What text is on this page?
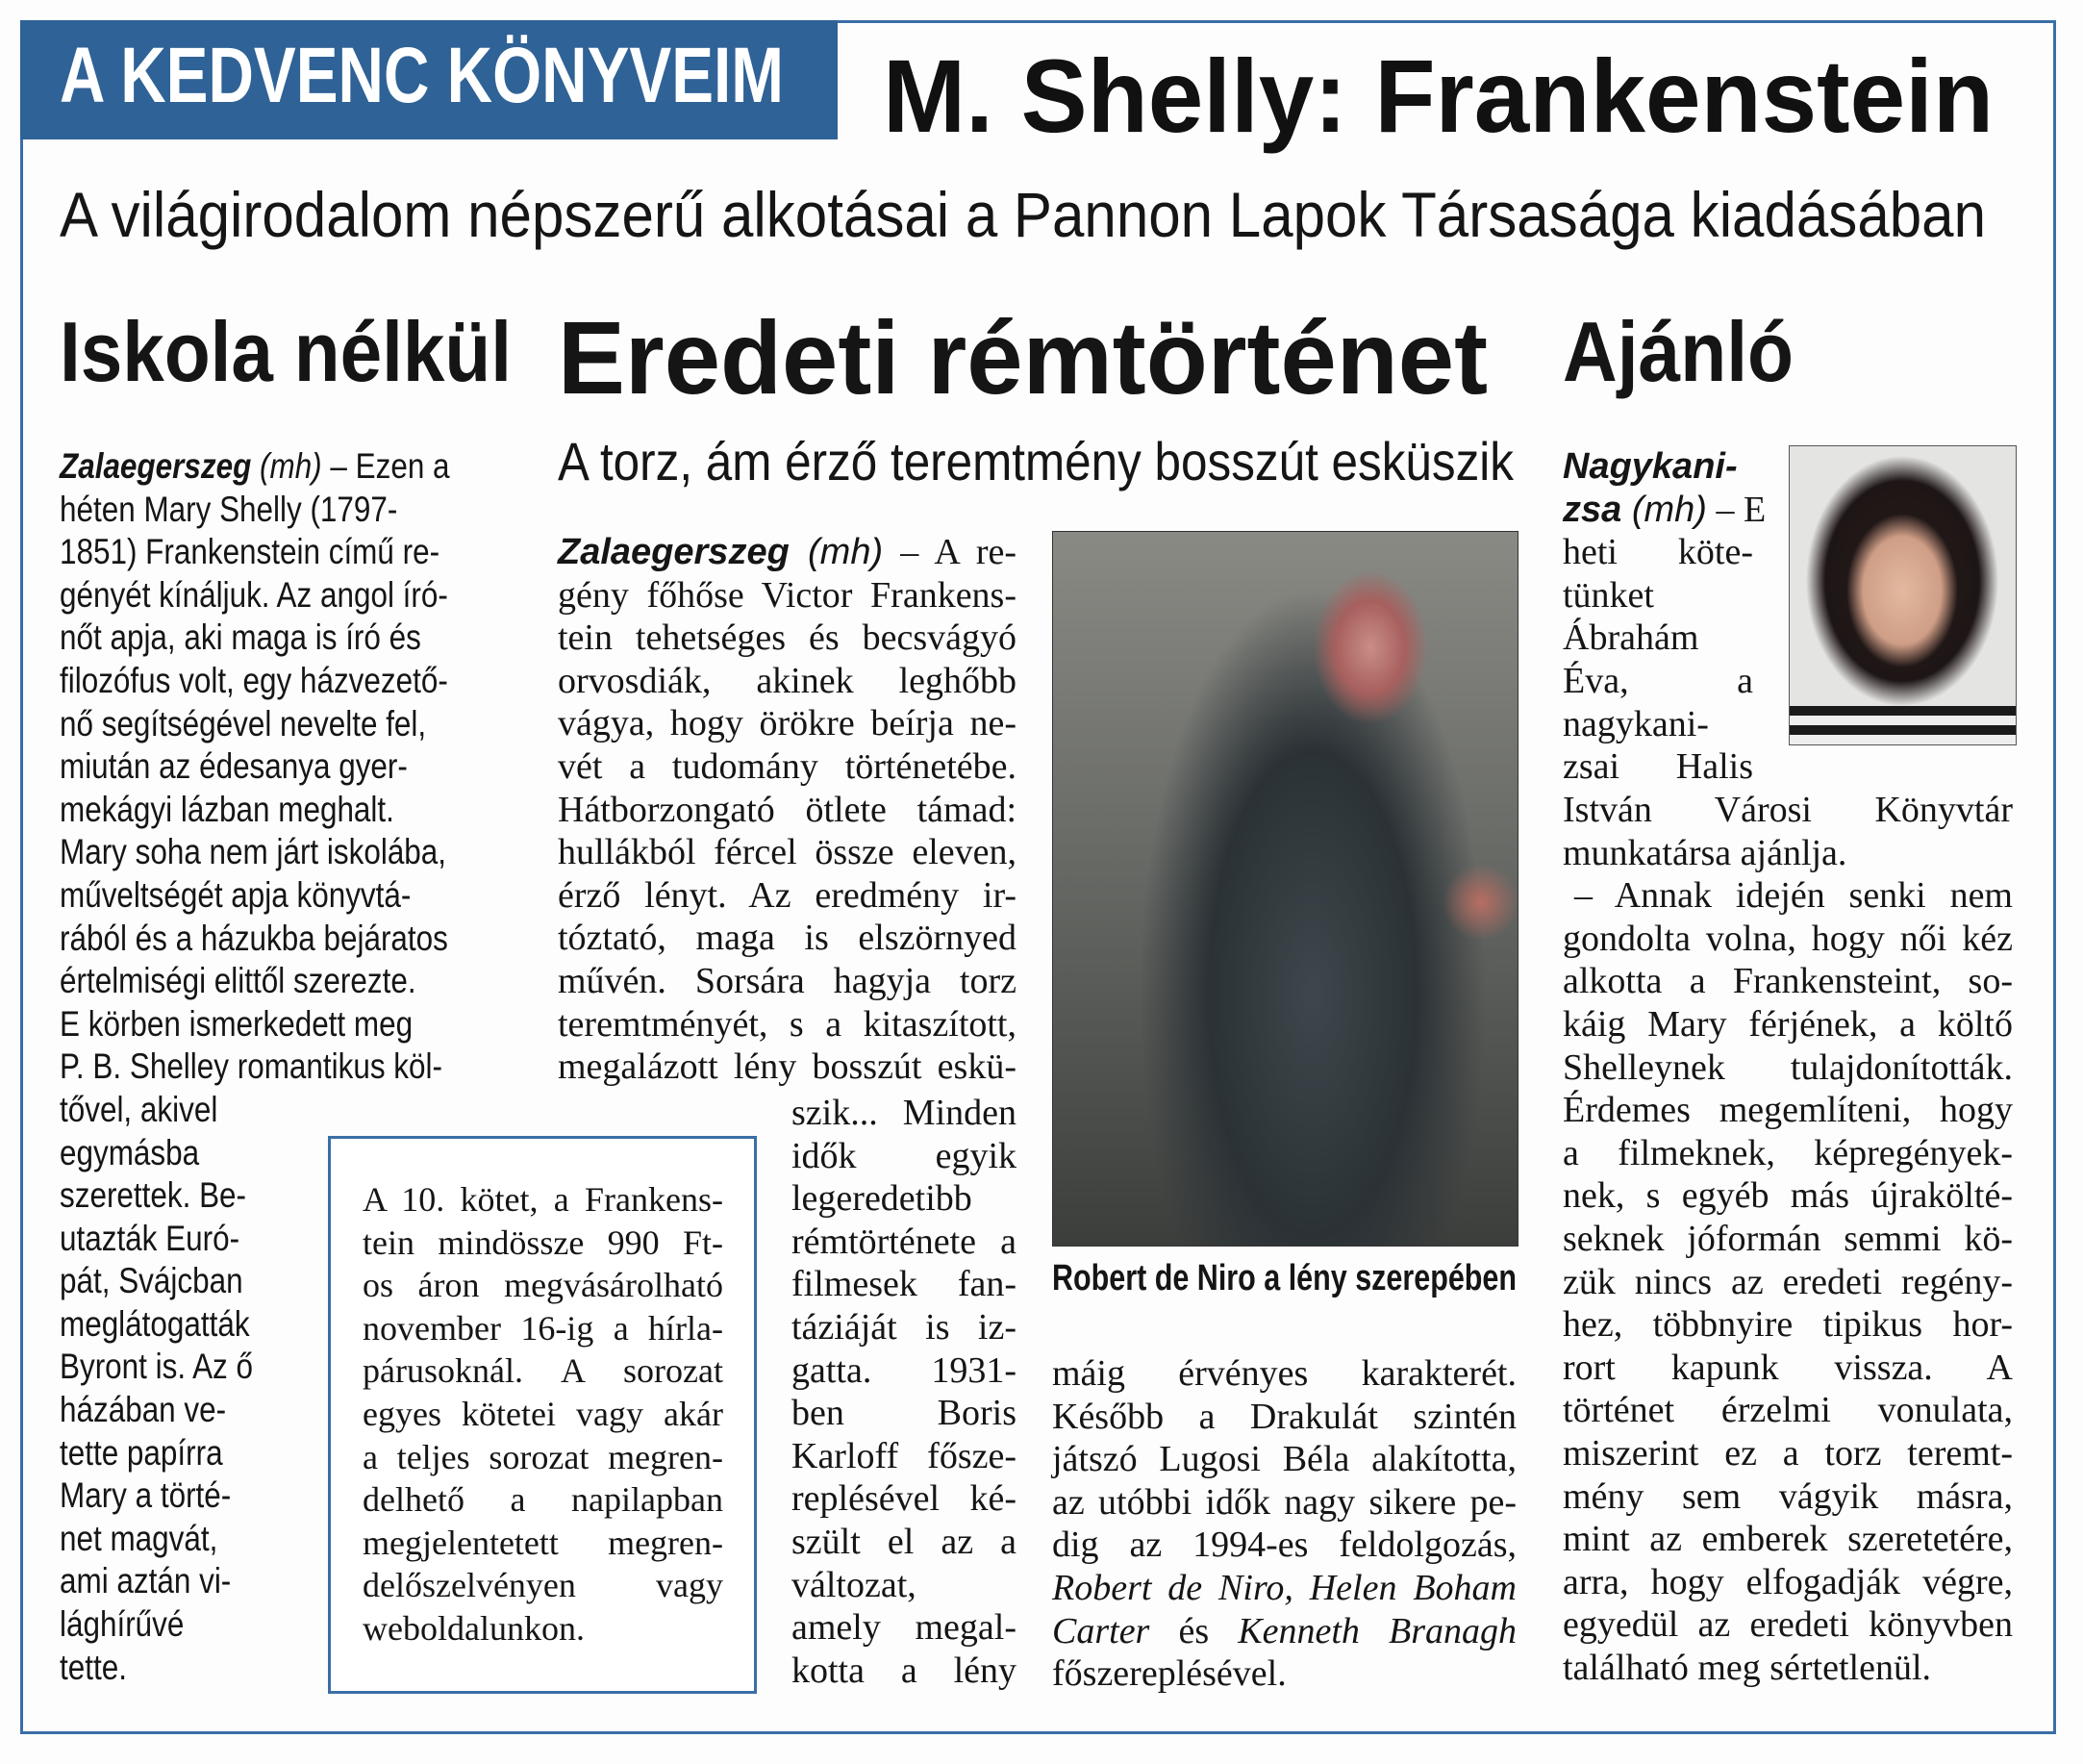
A KEDVENC KÖNYVEIM M. Shelly: Frankenstein
A világirodalom népszerű alkotásai a Pannon Lapok Társasága kiadásában
Iskola nélkül Eredeti rémtörténet Ajánló
A torz, ám érző teremtmény bosszút esküszik
Zalaegerszeg (mh) – Ezen a
héten Mary Shelly (1797-
1851) Frankenstein című re-
gényét kínáljuk. Az angol író-
nőt apja, aki maga is író és
filozófus volt, egy házvezető-
nő segítségével nevelte fel,
miután az édesanya gyer-
mekágyi lázban meghalt.
Mary soha nem járt iskolába,
műveltségét apja könyvtá-
rából és a házukba bejáratos
értelmiségi elittől szerezte.
E körben ismerkedett meg
P. B. Shelley romantikus köl-
tővel, akivel
egymásba
szerettek. Be-
utazták Euró-
pát, Svájcban
meglátogatták
Byront is. Az ő
házában ve-
tette papírra
Mary a törté-
net magvát,
ami aztán vi-
lághírűvé
tette.
A 10. kötet, a Frankens-
tein mindössze 990 Ft-
os áron megvásárolható
november 16-ig a hírla-
párusoknál. A sorozat
egyes kötetei vagy akár
a teljes sorozat megren-
delhető a napilapban
megjelentetett megren-
delőszelvényen vagy
weboldalunkon.
Zalaegerszeg (mh) – A re-
gény főhőse Victor Frankens-
tein tehetséges és becsvágyó
orvosdiák, akinek leghőbb
vágya, hogy örökre beírja ne-
vét a tudomány történetébe.
Hátborzongató ötlete támad:
hullákból fércel össze eleven,
érző lényt. Az eredmény ir-
tóztató, maga is elszörnyed
művén. Sorsára hagyja torz
teremtményét, s a kitaszított,
megalázott lény bosszút eskü-
szik... Minden
idők egyik
legeredetibb
rémtörténete a
filmesek fan-
táziáját is iz-
gatta. 1931-
ben Boris
Karloff fősze-
replésével ké-
szült el az a
változat,
amely megal-
kotta a lény
máig érvényes karakterét.
Később a Drakulát szintén
játszó Lugosi Béla alakította,
az utóbbi idők nagy sikere pe-
dig az 1994-es feldolgozás,
Robert de Niro, Helen Boham
Carter és Kenneth Branagh
főszereplésével.
Robert de Niro a lény szerepében
Nagykani-
zsa (mh) – E
heti köte-
tünket
Ábrahám
Éva, a
nagykani-
zsai Halis
István Városi Könyvtár
munkatársa ajánlja.
– Annak idején senki nem
gondolta volna, hogy női kéz
alkotta a Frankensteint, so-
káig Mary férjének, a költő
Shelleynek tulajdonították.
Érdemes megemlíteni, hogy
a filmeknek, képregények-
nek, s egyéb más újrakölté-
seknek jóformán semmi kö-
zük nincs az eredeti regény-
hez, többnyire tipikus hor-
rort kapunk vissza. A
történet érzelmi vonulata,
miszerint ez a torz teremt-
mény sem vágyik másra,
mint az emberek szeretetére,
arra, hogy elfogadják végre,
egyedül az eredeti könyvben
található meg sértetlenül.
